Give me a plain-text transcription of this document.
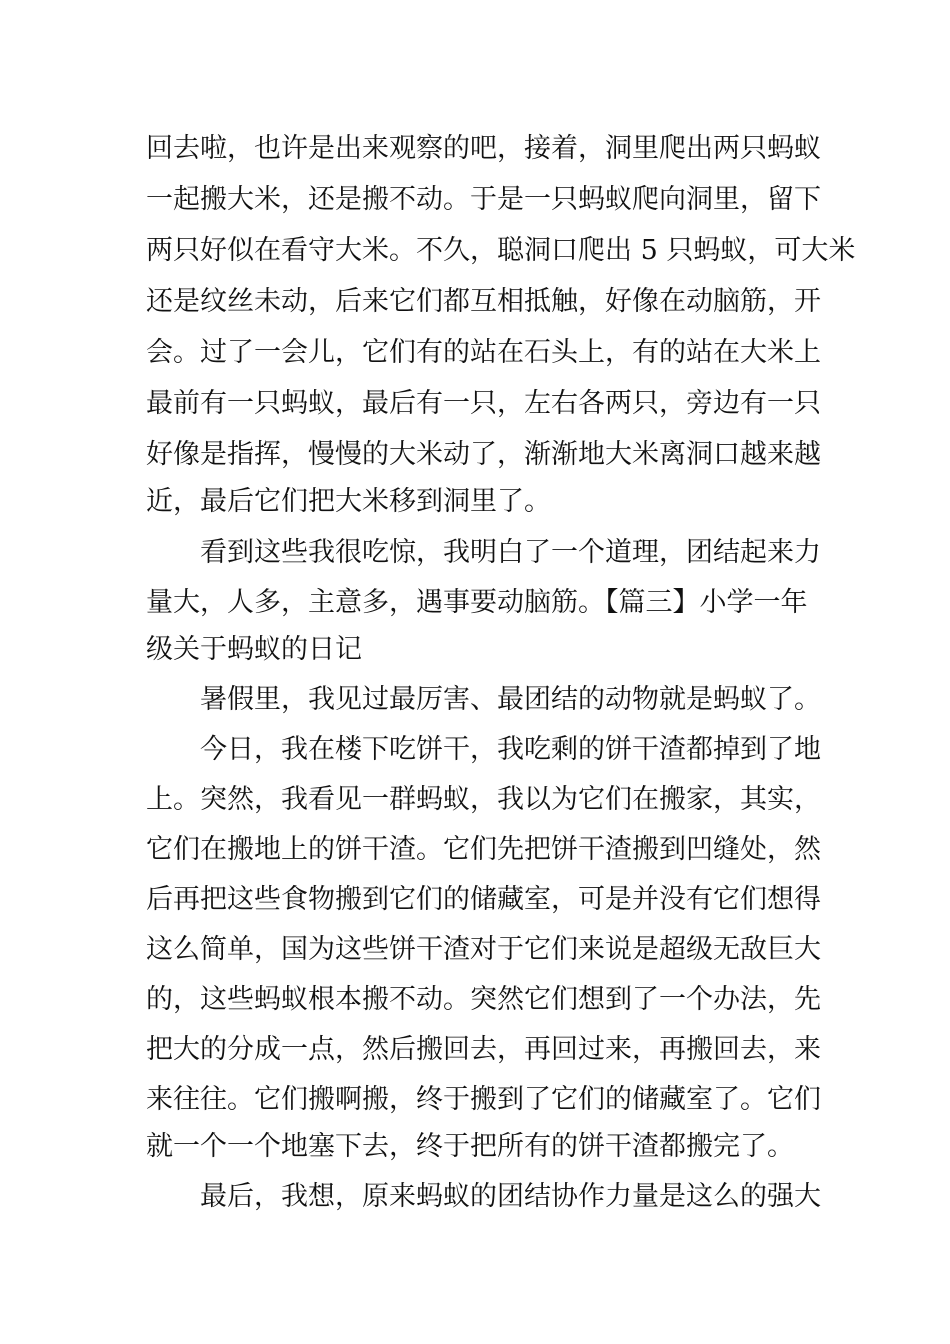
回去啦，也许是出来观察的吧，接着，洞里爬出两只蚂蚁
一起搬大米，还是搬不动。于是一只蚂蚁爬向洞里，留下
两只好似在看守大米。不久，聪洞口爬出 5 只蚂蚁，可大米
还是纹丝未动，后来它们都互相抵触，好像在动脑筋，开
会。过了一会儿，它们有的站在石头上，有的站在大米上
最前有一只蚂蚁，最后有一只，左右各两只，旁边有一只
好像是指挥，慢慢的大米动了，渐渐地大米离洞口越来越
近，最后它们把大米移到洞里了。
看到这些我很吃惊，我明白了一个道理，团结起来力
量大，人多，主意多，遇事要动脑筋。【篇三】小学一年
级关于蚂蚁的日记
暑假里，我见过最厉害、最团结的动物就是蚂蚁了。
今日，我在楼下吃饼干，我吃剩的饼干渣都掉到了地
上。突然，我看见一群蚂蚁，我以为它们在搬家，其实，
它们在搬地上的饼干渣。它们先把饼干渣搬到凹缝处，然
后再把这些食物搬到它们的储藏室，可是并没有它们想得
这么简单，国为这些饼干渣对于它们来说是超级无敌巨大
的，这些蚂蚁根本搬不动。突然它们想到了一个办法，先
把大的分成一点，然后搬回去，再回过来，再搬回去，来
来往往。它们搬啊搬，终于搬到了它们的储藏室了。它们
就一个一个地塞下去，终于把所有的饼干渣都搬完了。
最后，我想，原来蚂蚁的团结协作力量是这么的强大
